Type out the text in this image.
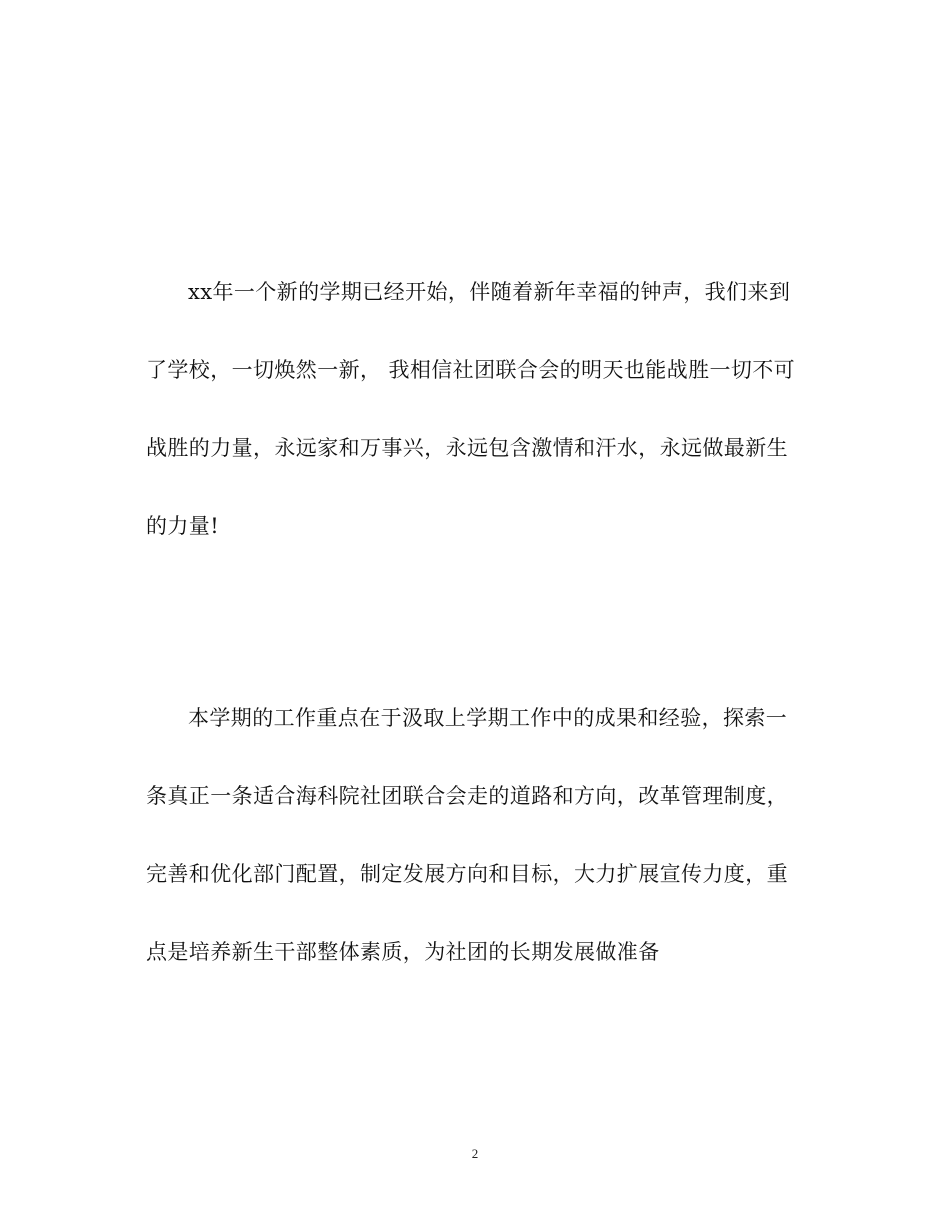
xx年一个新的学期已经开始，伴随着新年幸福的钟声，我们来到
了学校，一切焕然一新， 我相信社团联合会的明天也能战胜一切不可
战胜的力量，永远家和万事兴，永远包含激情和汗水，永远做最新生
的力量!
本学期的工作重点在于汲取上学期工作中的成果和经验，探索一
条真正一条适合海科院社团联合会走的道路和方向，改革管理制度，
完善和优化部门配置，制定发展方向和目标，大力扩展宣传力度，重
点是培养新生干部整体素质，为社团的长期发展做准备
2
